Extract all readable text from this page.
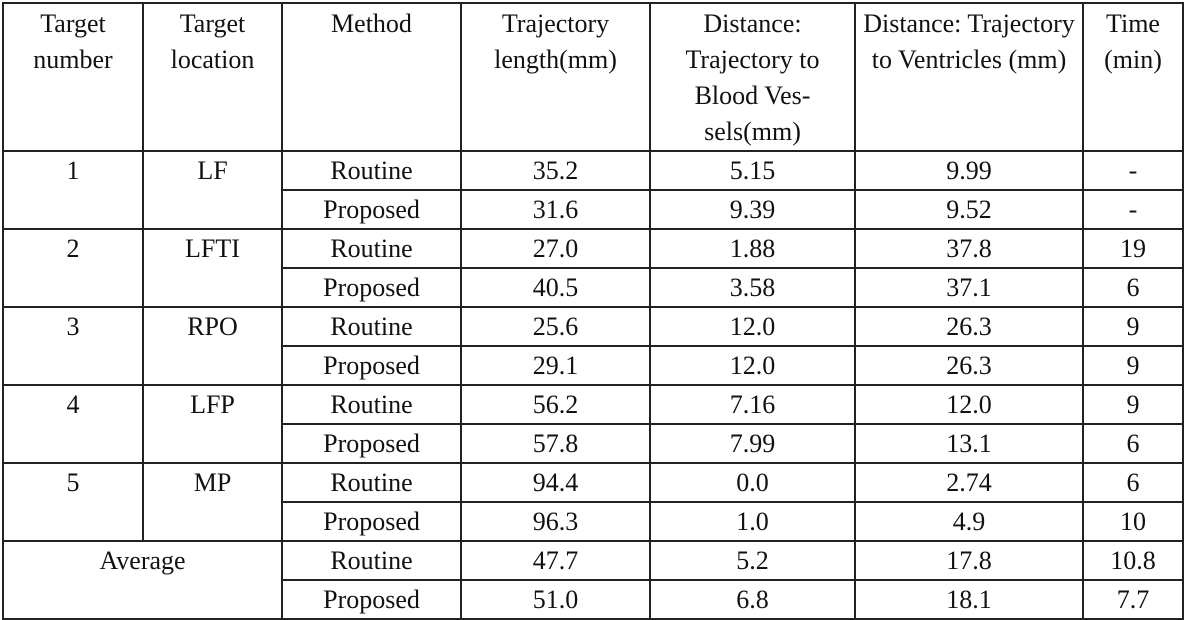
Target number	Target location	Method	Trajectory length(mm)	Distance: Trajectory to Blood Ves-sels(mm)	Distance: Trajectory to Ventricles (mm)	Time (min)
1	LF	Routine	35.2	5.15	9.99	-
		Proposed	31.6	9.39	9.52	-
2	LFTI	Routine	27.0	1.88	37.8	19
		Proposed	40.5	3.58	37.1	6
3	RPO	Routine	25.6	12.0	26.3	9
		Proposed	29.1	12.0	26.3	9
4	LFP	Routine	56.2	7.16	12.0	9
		Proposed	57.8	7.99	13.1	6
5	MP	Routine	94.4	0.0	2.74	6
		Proposed	96.3	1.0	4.9	10
Average		Routine	47.7	5.2	17.8	10.8
		Proposed	51.0	6.8	18.1	7.7
